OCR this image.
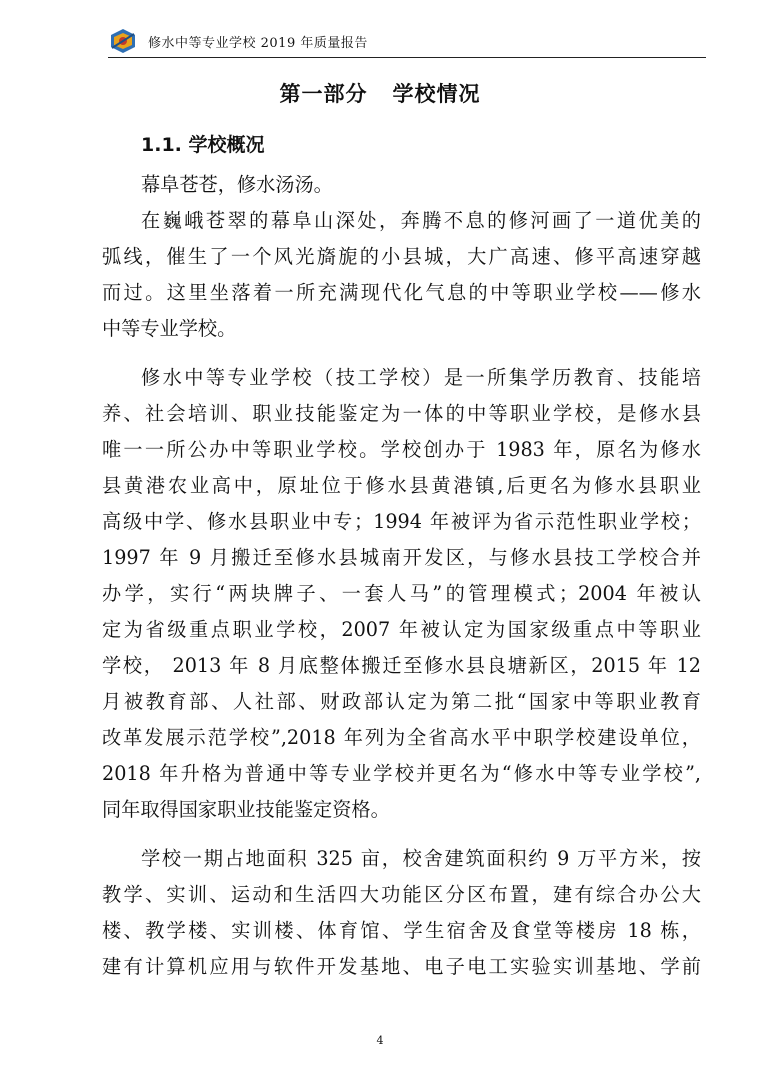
修水中等专业学校 2019 年质量报告
第一部分   学校情况
1.1. 学校概况
幕阜苍苍，修水汤汤。
在巍峨苍翠的幕阜山深处，奔腾不息的修河画了一道优美的
弧线，催生了一个风光旖旎的小县城，大广高速、修平高速穿越
而过。这里坐落着一所充满现代化气息的中等职业学校——修水
中等专业学校。
修水中等专业学校（技工学校）是一所集学历教育、技能培
养、社会培训、职业技能鉴定为一体的中等职业学校，是修水县
唯一一所公办中等职业学校。学校创办于 1983 年，原名为修水
县黄港农业高中，原址位于修水县黄港镇,后更名为修水县职业
高级中学、修水县职业中专；1994 年被评为省示范性职业学校；
1997 年 9 月搬迁至修水县城南开发区，与修水县技工学校合并
办学，实行“两块牌子、一套人马”的管理模式；2004 年被认
定为省级重点职业学校，2007 年被认定为国家级重点中等职业
学校， 2013 年 8 月底整体搬迁至修水县良塘新区，2015 年 12
月被教育部、人社部、财政部认定为第二批“国家中等职业教育
改革发展示范学校”,2018 年列为全省高水平中职学校建设单位，
2018 年升格为普通中等专业学校并更名为“修水中等专业学校”,
同年取得国家职业技能鉴定资格。
学校一期占地面积 325 亩，校舍建筑面积约 9 万平方米，按
教学、实训、运动和生活四大功能区分区布置，建有综合办公大
楼、教学楼、实训楼、体育馆、学生宿舍及食堂等楼房 18 栋，
建有计算机应用与软件开发基地、电子电工实验实训基地、学前
4
